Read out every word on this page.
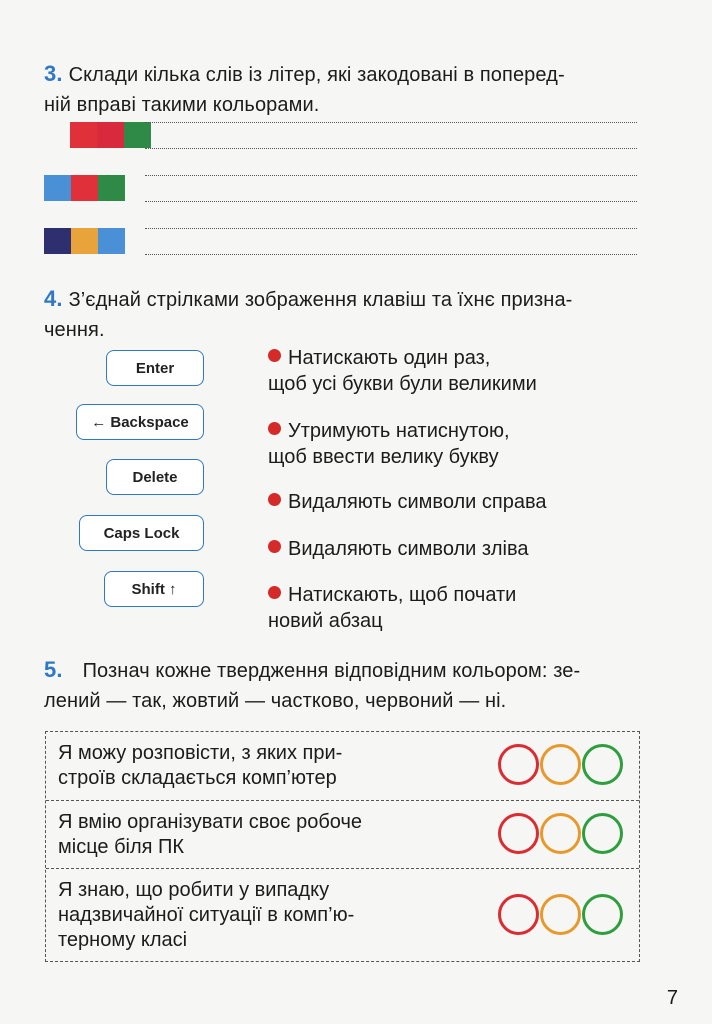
3. Склади кілька слів із літер, які закодовані в поперед-
ній вправі такими кольорами.
4. З’єднай стрілками зображення клавіш та їхнє призна-
чення.
Enter
← Backspace
Delete
Caps Lock
Shift ↑
Натискають один раз,
щоб усі букви були великими
Утримують натиснутою,
щоб ввести велику букву
Видаляють символи справа
Видаляють символи зліва
Натискають, щоб почати
новий абзац
5. Познач кожне твердження відповідним кольором: зе-
лений — так, жовтий — частково, червоний — ні.
Я можу розповісти, з яких при-
строїв складається комп’ютер
Я вмію організувати своє робоче
місце біля ПК
Я знаю, що робити у випадку
надзвичайної ситуації в комп’ю-
терному класі
7
